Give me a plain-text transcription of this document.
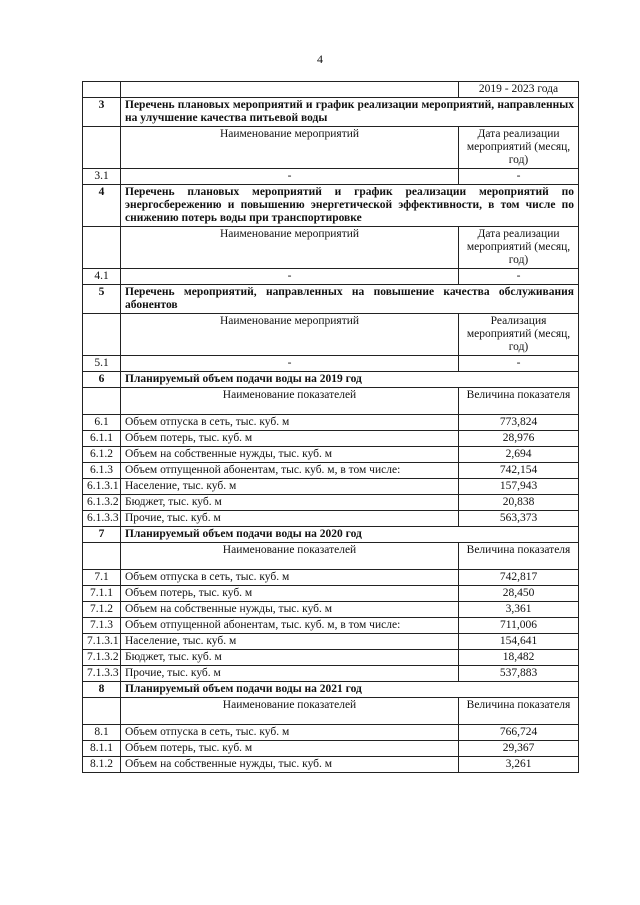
4
		2019 - 2023 года
3	Перечень плановых мероприятий и график реализации мероприятий, направленных на улучшение качества питьевой воды	
	Наименование мероприятий	Дата реализации мероприятий (месяц, год)
3.1	-	-
4	Перечень плановых мероприятий и график реализации мероприятий по энергосбережению и повышению энергетической эффективности, в том числе по снижению потерь воды при транспортировке	
	Наименование мероприятий	Дата реализации мероприятий (месяц, год)
4.1	-	-
5	Перечень мероприятий, направленных на повышение качества обслуживания абонентов	
	Наименование мероприятий	Реализация мероприятий (месяц, год)
5.1	-	-
6	Планируемый объем подачи воды на 2019 год	
	Наименование показателей	Величина показателя
6.1	Объем отпуска в сеть, тыс. куб. м	773,824
6.1.1	Объем потерь, тыс. куб. м	28,976
6.1.2	Объем на собственные нужды, тыс. куб. м	2,694
6.1.3	Объем отпущенной абонентам, тыс. куб. м, в том числе:	742,154
6.1.3.1	Население, тыс. куб. м	157,943
6.1.3.2	Бюджет, тыс. куб. м	20,838
6.1.3.3	Прочие, тыс. куб. м	563,373
7	Планируемый объем подачи воды на 2020 год	
	Наименование показателей	Величина показателя
7.1	Объем отпуска в сеть, тыс. куб. м	742,817
7.1.1	Объем потерь, тыс. куб. м	28,450
7.1.2	Объем на собственные нужды, тыс. куб. м	3,361
7.1.3	Объем отпущенной абонентам, тыс. куб. м, в том числе:	711,006
7.1.3.1	Население, тыс. куб. м	154,641
7.1.3.2	Бюджет, тыс. куб. м	18,482
7.1.3.3	Прочие, тыс. куб. м	537,883
8	Планируемый объем подачи воды на 2021 год	
	Наименование показателей	Величина показателя
8.1	Объем отпуска в сеть, тыс. куб. м	766,724
8.1.1	Объем потерь, тыс. куб. м	29,367
8.1.2	Объем на собственные нужды, тыс. куб. м	3,261
